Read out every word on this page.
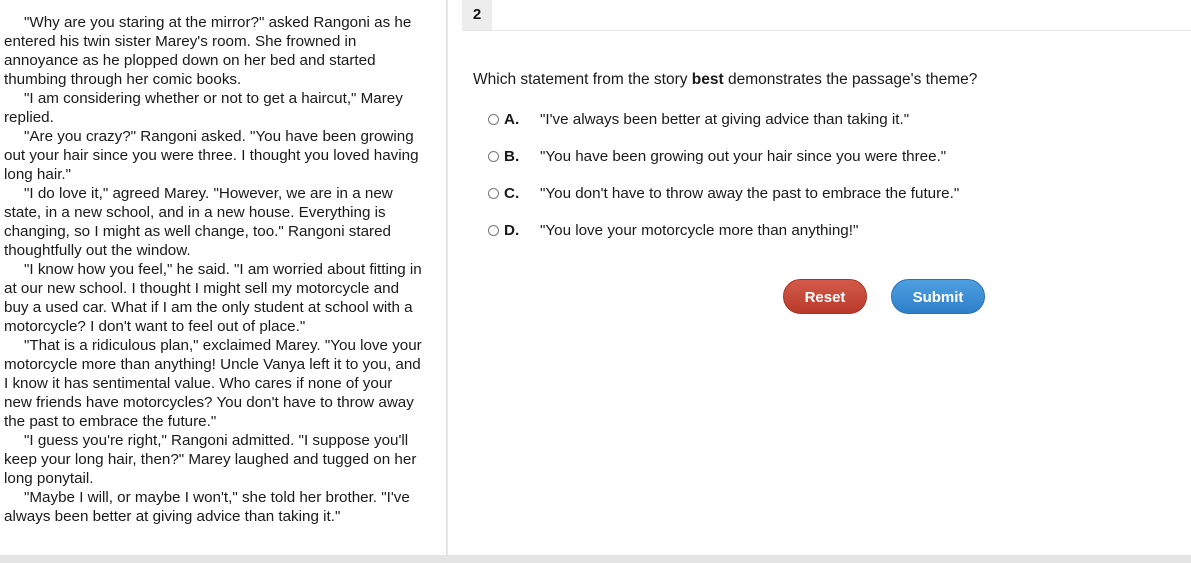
"Why are you staring at the mirror?" asked Rangoni as he entered his twin sister Marey's room. She frowned in annoyance as he plopped down on her bed and started thumbing through her comic books.

"I am considering whether or not to get a haircut," Marey replied.

"Are you crazy?" Rangoni asked. "You have been growing out your hair since you were three. I thought you loved having long hair."

"I do love it," agreed Marey. "However, we are in a new state, in a new school, and in a new house. Everything is changing, so I might as well change, too." Rangoni stared thoughtfully out the window.

"I know how you feel," he said. "I am worried about fitting in at our new school. I thought I might sell my motorcycle and buy a used car. What if I am the only student at school with a motorcycle? I don't want to feel out of place."

"That is a ridiculous plan," exclaimed Marey. "You love your motorcycle more than anything! Uncle Vanya left it to you, and I know it has sentimental value. Who cares if none of your new friends have motorcycles? You don't have to throw away the past to embrace the future."

"I guess you're right," Rangoni admitted. "I suppose you'll keep your long hair, then?" Marey laughed and tugged on her long ponytail.

"Maybe I will, or maybe I won't," she told her brother. "I've always been better at giving advice than taking it."

2
Which statement from the story best demonstrates the passage's theme?
A.	"I've always been better at giving advice than taking it."
B.	"You have been growing out your hair since you were three."
C.	"You don't have to throw away the past to embrace the future."
D.	"You love your motorcycle more than anything!"
Reset	Submit
